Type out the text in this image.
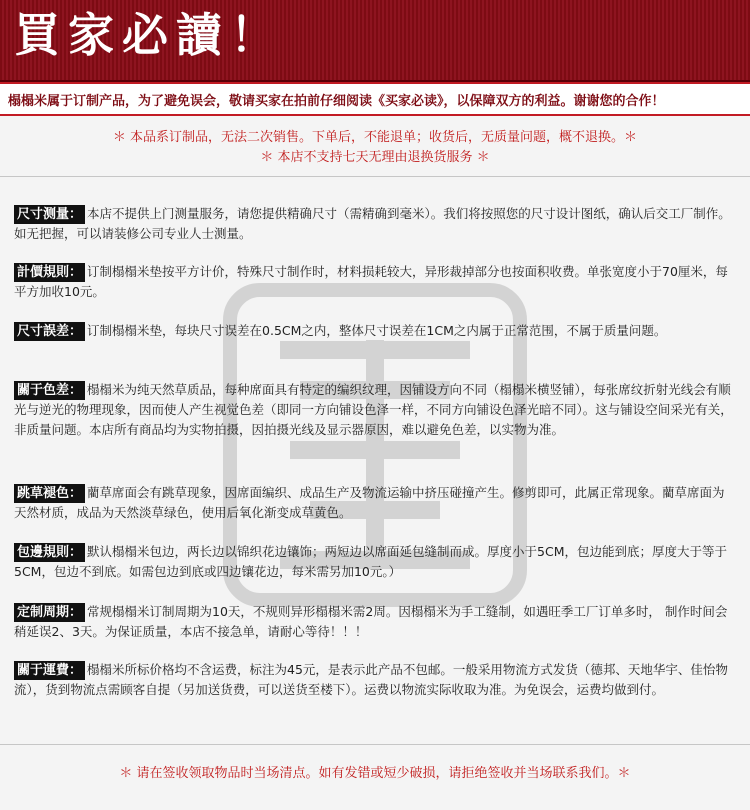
買家必讀！
榻榻米属于订制产品，为了避免误会，敬请买家在拍前仔细阅读《买家必读》，以保障双方的利益。谢谢您的合作！
＊ 本品系订制品，无法二次销售。下单后，不能退单；收货后，无质量问题，概不退换。＊
＊ 本店不支持七天无理由退换货服务 ＊
尺寸测量： 本店不提供上门测量服务，请您提供精确尺寸（需精确到毫米）。我们将按照您的尺寸设计图纸，确认后交工厂制作。如无把握，可以请装修公司专业人士测量。
計價規則： 订制榻榻米垫按平方计价，特殊尺寸制作时，材料损耗较大，异形裁掉部分也按面积收费。单张宽度小于70厘米，每平方加收10元。
尺寸誤差： 订制榻榻米垫，每块尺寸误差在0.5CM之内，整体尺寸误差在1CM之内属于正常范围，不属于质量问题。
關于色差： 榻榻米为纯天然草质品，每种席面具有特定的编织纹理，因铺设方向不同（榻榻米横竖铺），每张席纹折射光线会有顺光与逆光的物理现象，因而使人产生视觉色差（即同一方向铺设色泽一样，不同方向铺设色泽光暗不同）。这与铺设空间采光有关，非质量问题。本店所有商品均为实物拍摄，因拍摄光线及显示器原因，难以避免色差，以实物为准。
跳草褪色： 藺草席面会有跳草现象，因席面编织、成品生产及物流运输中挤压碰撞产生。修剪即可，此属正常现象。藺草席面为天然材质，成品为天然淡草绿色，使用后氧化渐变成草黄色。
包邊規則： 默认榻榻米包边，两长边以锦织花边镶饰；两短边以席面延包缝制而成。厚度小于5CM，包边能到底；厚度大于等于5CM，包边不到底。如需包边到底或四边镶花边，每米需另加10元。）
定制周期： 常规榻榻米订制周期为10天，不规则异形榻榻米需2周。因榻榻米为手工缝制，如遇旺季工厂订单多时， 制作时间会稍延误2、3天。为保证质量，本店不接急单，请耐心等待！！！
關于運費： 榻榻米所标价格均不含运费，标注为45元，是表示此产品不包邮。一般采用物流方式发货（德邦、天地华宇、佳怡物流），货到物流点需顾客自提（另加送货费，可以送货至楼下）。运费以物流实际收取为准。为免误会，运费均做到付。
＊ 请在签收领取物品时当场清点。如有发错或短少破损，请拒绝签收并当场联系我们。＊
